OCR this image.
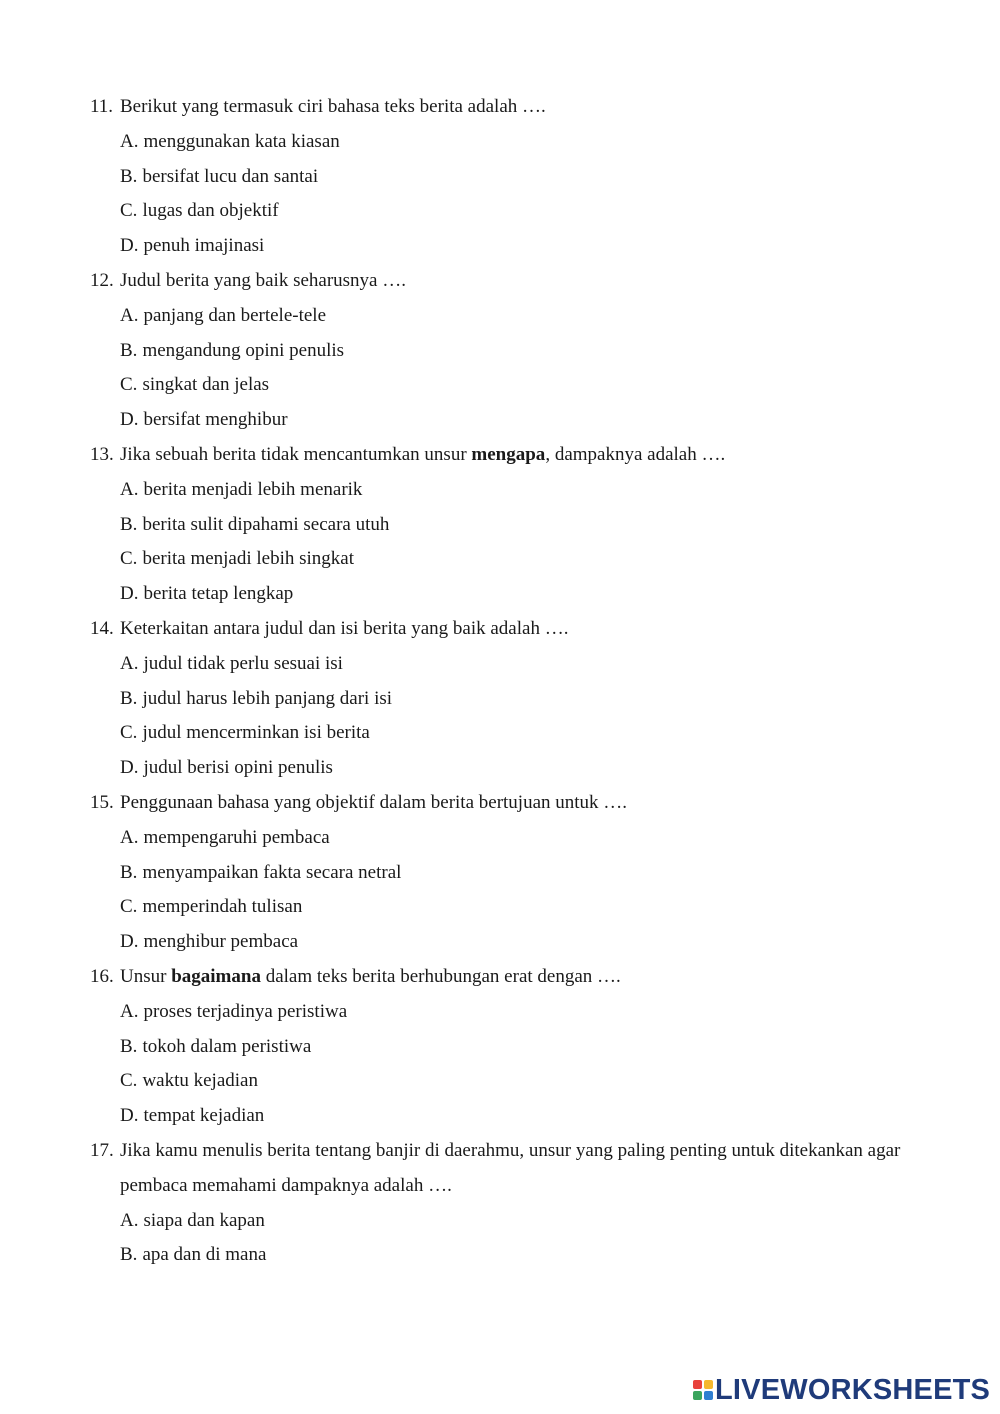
11. Berikut yang termasuk ciri bahasa teks berita adalah ….
A. menggunakan kata kiasan
B. bersifat lucu dan santai
C. lugas dan objektif
D. penuh imajinasi
12. Judul berita yang baik seharusnya ….
A. panjang dan bertele-tele
B. mengandung opini penulis
C. singkat dan jelas
D. bersifat menghibur
13. Jika sebuah berita tidak mencantumkan unsur mengapa, dampaknya adalah ….
A. berita menjadi lebih menarik
B. berita sulit dipahami secara utuh
C. berita menjadi lebih singkat
D. berita tetap lengkap
14. Keterkaitan antara judul dan isi berita yang baik adalah ….
A. judul tidak perlu sesuai isi
B. judul harus lebih panjang dari isi
C. judul mencerminkan isi berita
D. judul berisi opini penulis
15. Penggunaan bahasa yang objektif dalam berita bertujuan untuk ….
A. mempengaruhi pembaca
B. menyampaikan fakta secara netral
C. memperindah tulisan
D. menghibur pembaca
16. Unsur bagaimana dalam teks berita berhubungan erat dengan ….
A. proses terjadinya peristiwa
B. tokoh dalam peristiwa
C. waktu kejadian
D. tempat kejadian
17. Jika kamu menulis berita tentang banjir di daerahmu, unsur yang paling penting untuk ditekankan agar pembaca memahami dampaknya adalah ….
A. siapa dan kapan
B. apa dan di mana
LIVEWORKSHEETS
